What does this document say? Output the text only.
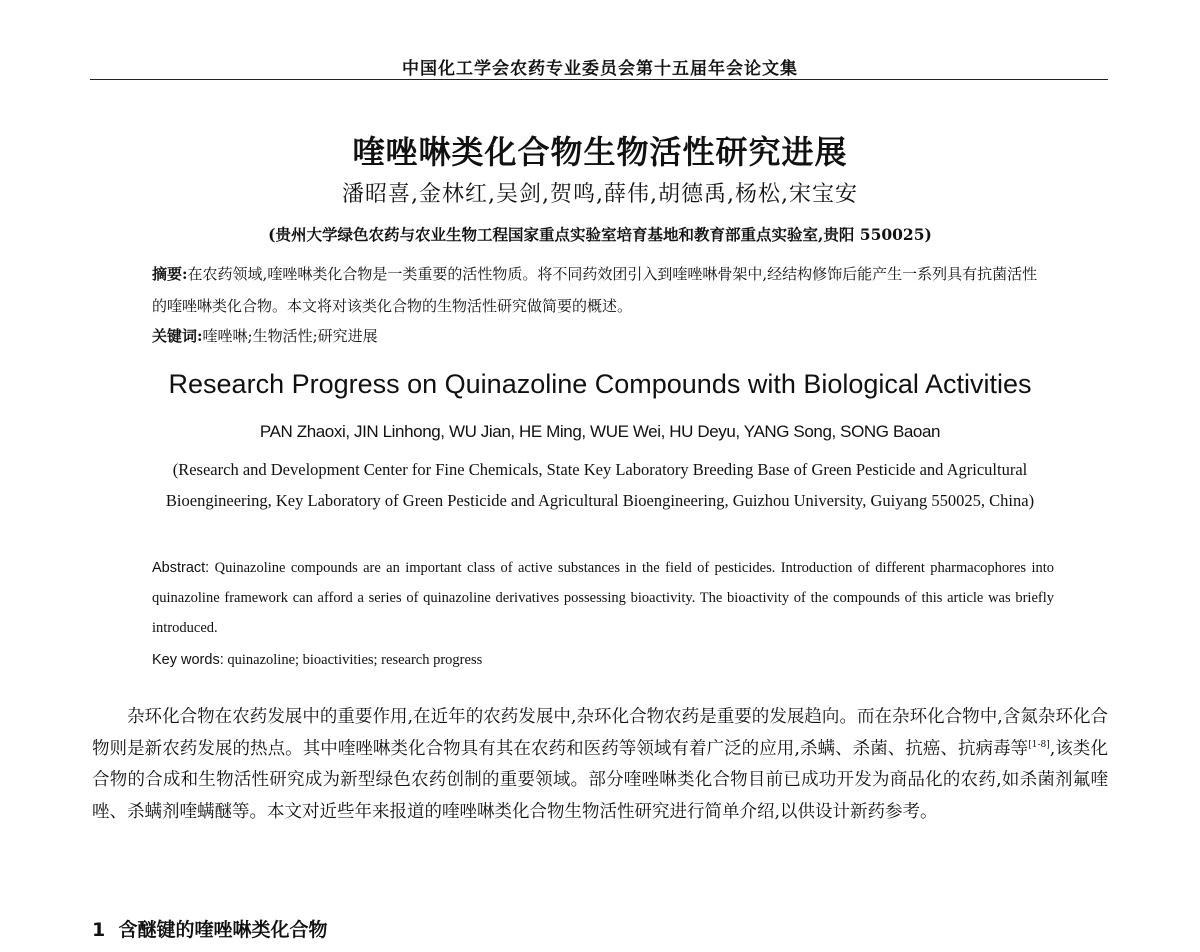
中国化工学会农药专业委员会第十五届年会论文集
喹唑啉类化合物生物活性研究进展
潘昭喜,金林红,吴剑,贺鸣,薛伟,胡德禹,杨松,宋宝安
(贵州大学绿色农药与农业生物工程国家重点实验室培育基地和教育部重点实验室,贵阳 550025)
摘要:在农药领域,喹唑啉类化合物是一类重要的活性物质。将不同药效团引入到喹唑啉骨架中,经结构修饰后能产生一系列具有抗菌活性的喹唑啉类化合物。本文将对该类化合物的生物活性研究做简要的概述。
关键词:喹唑啉;生物活性;研究进展
Research Progress on Quinazoline Compounds with Biological Activities
PAN Zhaoxi, JIN Linhong, WU Jian, HE Ming, WUE Wei, HU Deyu, YANG Song, SONG Baoan
(Research and Development Center for Fine Chemicals, State Key Laboratory Breeding Base of Green Pesticide and Agricultural Bioengineering, Key Laboratory of Green Pesticide and Agricultural Bioengineering, Guizhou University, Guiyang 550025, China)
Abstract: Quinazoline compounds are an important class of active substances in the field of pesticides. Introduction of different pharmacophores into quinazoline framework can afford a series of quinazoline derivatives possessing bioactivity. The bioactivity of the compounds of this article was briefly introduced.
Key words: quinazoline; bioactivities; research progress
杂环化合物在农药发展中的重要作用,在近年的农药发展中,杂环化合物农药是重要的发展趋向。而在杂环化合物中,含氮杂环化合物则是新农药发展的热点。其中喹唑啉类化合物具有其在农药和医药等领域有着广泛的应用,杀螨、杀菌、抗癌、抗病毒等[1-8],该类化合物的合成和生物活性研究成为新型绿色农药创制的重要领域。部分喹唑啉类化合物目前已成功开发为商品化的农药,如杀菌剂氟喹唑、杀螨剂喹螨醚等。本文对近些年来报道的喹唑啉类化合物生物活性研究进行简单介绍,以供设计新药参考。
1 含醚键的喹唑啉类化合物
